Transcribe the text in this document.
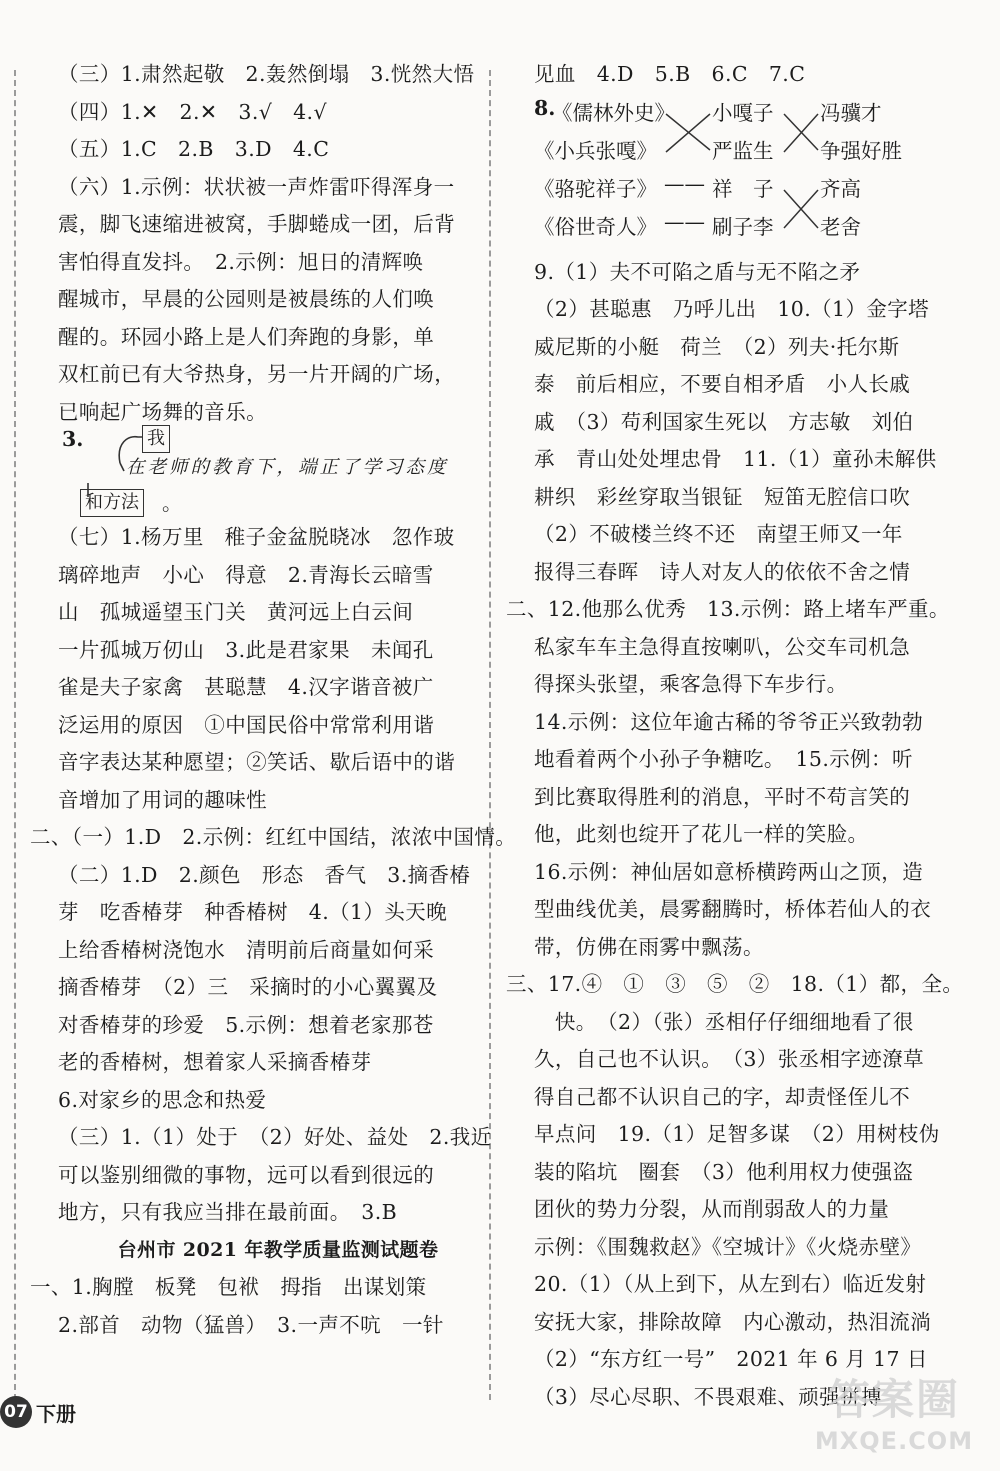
（三）1.肃然起敬　2.轰然倒塌　3.恍然大悟
（四）1.✕　2.✕　3.√　4.√
（五）1.C　2.B　3.D　4.C
（六）1.示例：状状被一声炸雷吓得浑身一
震，脚飞速缩进被窝，手脚蜷成一团，后背
害怕得直发抖。　2.示例：旭日的清辉唤
醒城市，早晨的公园则是被晨练的人们唤
醒的。环园小路上是人们奔跑的身影，单
双杠前已有大爷热身，另一片开阔的广场，
已响起广场舞的音乐。
3.	我
在老师的教育下，端正了学习态度
和方法 。
（七）1.杨万里　稚子金盆脱晓冰　忽作玻
璃碎地声　小心　得意　2.青海长云暗雪
山　孤城遥望玉门关　黄河远上白云间
一片孤城万仞山　3.此是君家果　未闻孔
雀是夫子家禽　甚聪慧　4.汉字谐音被广
泛运用的原因　①中国民俗中常常利用谐
音字表达某种愿望；②笑话、歇后语中的谐
音增加了用词的趣味性
二、（一）1.D　2.示例：红红中国结，浓浓中国情。
（二）1.D　2.颜色　形态　香气　3.摘香椿
芽　吃香椿芽　种香椿树　4.（1）头天晚
上给香椿树浇饱水　清明前后商量如何采
摘香椿芽　（2）三　采摘时的小心翼翼及
对香椿芽的珍爱　5.示例：想着老家那苍
老的香椿树，想着家人采摘香椿芽
6.对家乡的思念和热爱
（三）1.（1）处于　（2）好处、益处　2.我近
可以鉴别细微的事物，远可以看到很远的
地方，只有我应当排在最前面。　3.B
台州市 2021 年教学质量监测试题卷
一、1.胸膛　板凳　包袱　拇指　出谋划策
2.部首　动物（猛兽）　3.一声不吭　一针
见血　4.D　5.B　6.C　7.C
8.
《儒林外史》
《小兵张嘎》
《骆驼祥子》
《俗世奇人》
——
——
小嘎子
严监生
祥　子
刷子李
冯骥才
争强好胜
齐高
老舍
9.（1）夫不可陷之盾与无不陷之矛
（2）甚聪惠　乃呼儿出　10.（1）金字塔
威尼斯的小艇　荷兰　（2）列夫·托尔斯
泰　前后相应，不要自相矛盾　小人长戚
戚　（3）苟利国家生死以　方志敏　刘伯
承　青山处处埋忠骨　11.（1）童孙未解供
耕织　彩丝穿取当银钲　短笛无腔信口吹
（2）不破楼兰终不还　南望王师又一年
报得三春晖　诗人对友人的依依不舍之情
二、12.他那么优秀　13.示例：路上堵车严重。
私家车车主急得直按喇叭，公交车司机急
得探头张望，乘客急得下车步行。
14.示例：这位年逾古稀的爷爷正兴致勃勃
地看着两个小孙子争糖吃。　15.示例：听
到比赛取得胜利的消息，平时不苟言笑的
他，此刻也绽开了花儿一样的笑脸。
16.示例：神仙居如意桥横跨两山之顶，造
型曲线优美，晨雾翻腾时，桥体若仙人的衣
带，仿佛在雨雾中飘荡。
三、17.④　①　③　⑤　②　18.（1）都，全。
　快。　（2）（张）丞相仔仔细细地看了很
久，自己也不认识。　（3）张丞相字迹潦草
得自己都不认识自己的字，却责怪侄儿不
早点问　19.（1）足智多谋　（2）用树枝伪
装的陷坑　圈套　（3）他利用权力使强盗
团伙的势力分裂，从而削弱敌人的力量
示例：《围魏救赵》《空城计》《火烧赤壁》
20.（1）（从上到下，从左到右）临近发射
安抚大家，排除故障　内心激动，热泪流淌
（2）“东方红一号”　2021 年 6 月 17 日
（3）尽心尽职、不畏艰难、顽强拼搏
07 下册	答案圈
MXQE.COM
